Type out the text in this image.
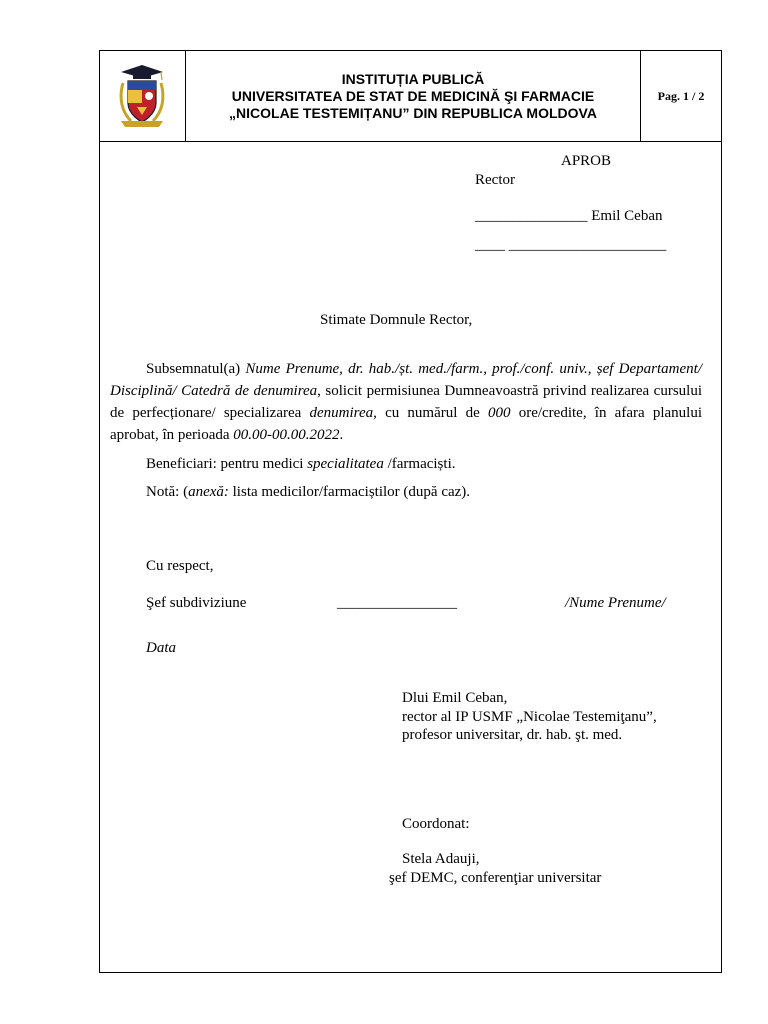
INSTITUȚIA PUBLICĂ
UNIVERSITATEA DE STAT DE MEDICINĂ ŞI FARMACIE
„NICOLAE TESTEMIȚANU” DIN REPUBLICA MOLDOVA
Pag. 1 / 2
APROB
Rector
_______________ Emil Ceban
____ _____________________
Stimate Domnule Rector,
Subsemnatul(a) Nume Prenume, dr. hab./șt. med./farm., prof./conf. univ., șef Departament/ Disciplină/ Catedră de denumirea, solicit permisiunea Dumneavoastră privind realizarea cursului de perfecționare/ specializarea denumirea, cu numărul de 000 ore/credite, în afara planului aprobat, în perioada 00.00-00.00.2022.
Beneficiari: pentru medici specialitatea /farmaciști.
Notă: (anexă: lista medicilor/farmaciștilor (după caz).
Cu respect,
Şef subdiviziune	________________	/Nume Prenume/
Data
Dlui Emil Ceban,
rector al IP USMF „Nicolae Testemiţanu”,
profesor universitar, dr. hab. şt. med.
Coordonat:
Stela Adauji,
şef DEMC, conferenţiar universitar
